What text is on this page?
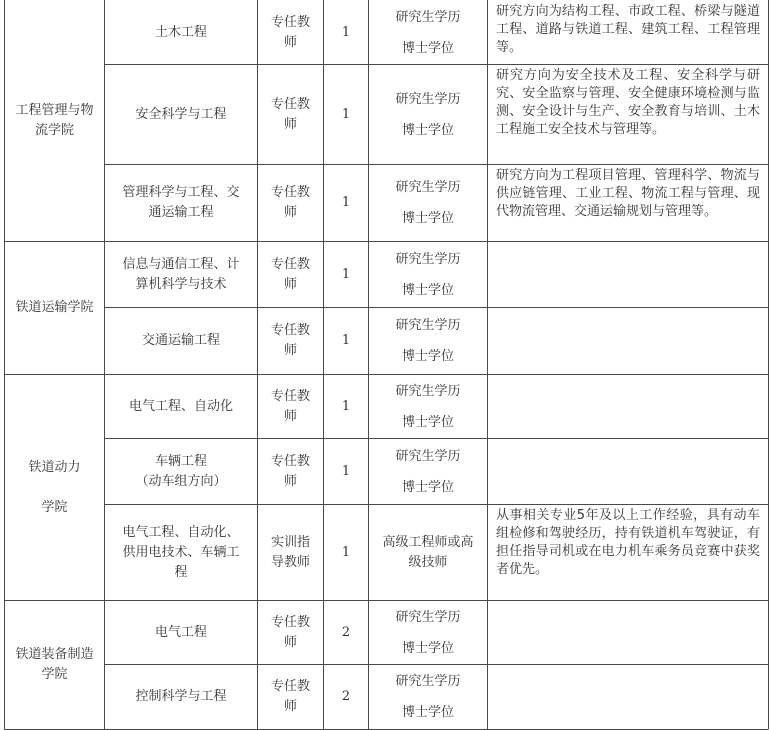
工程管理与物
流学院
土木工程
专任教
师
1
研究生学历
博士学位
研究方向为结构工程、市政工程、桥梁与隧道工程、道路与铁道工程、建筑工程、工程管理等。
安全科学与工程
专任教
师
1
研究生学历
博士学位
研究方向为安全技术及工程、安全科学与研究、安全监察与管理、安全健康环境检测与监测、安全设计与生产、安全教育与培训、土木工程施工安全技术与管理等。
管理科学与工程、交
通运输工程
专任教
师
1
研究生学历
博士学位
研究方向为工程项目管理、管理科学、物流与供应链管理、工业工程、物流工程与管理、现代物流管理、交通运输规划与管理等。
铁道运输学院
信息与通信工程、计
算机科学与技术
专任教
师
1
研究生学历
博士学位
交通运输工程
专任教
师
1
研究生学历
博士学位
铁道动力

学院
电气工程、自动化
专任教
师
1
研究生学历
博士学位
车辆工程
（动车组方向）
专任教
师
1
研究生学历
博士学位
电气工程、自动化、
供用电技术、车辆工
程
实训指
导教师
1
高级工程师或高
级技师
从事相关专业5年及以上工作经验，具有动车组检修和驾驶经历，持有铁道机车驾驶证，有担任指导司机或在电力机车乘务员竞赛中获奖者优先。
铁道装备制造
学院
电气工程
专任教
师
2
研究生学历
博士学位
控制科学与工程
专任教
师
2
研究生学历
博士学位
